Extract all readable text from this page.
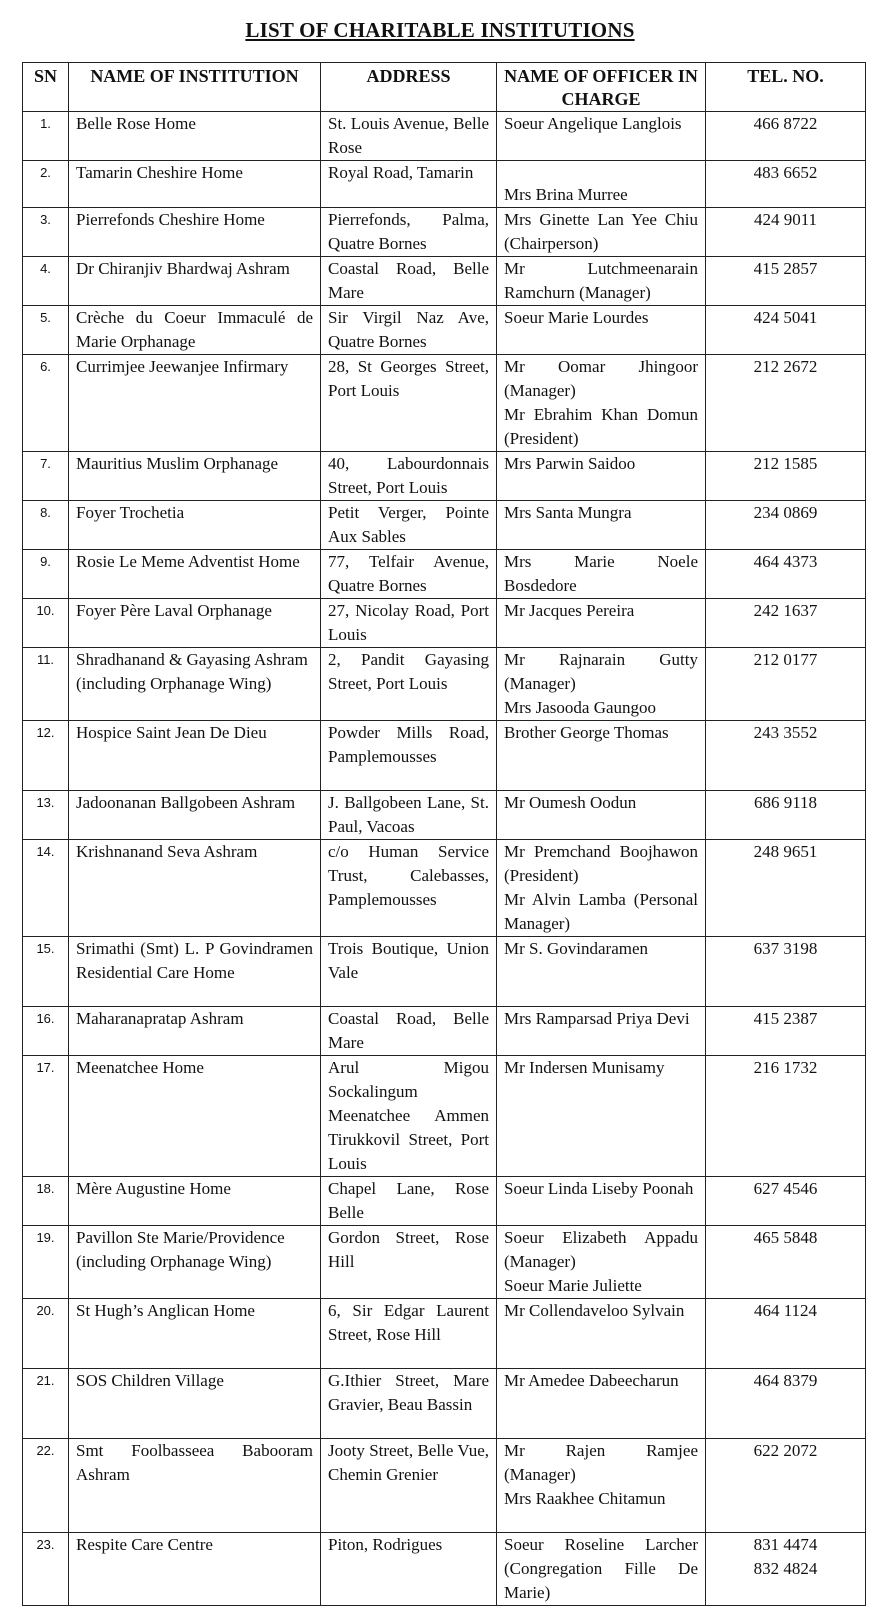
LIST OF CHARITABLE INSTITUTIONS
SN	NAME OF INSTITUTION	ADDRESS	NAME OF OFFICER IN CHARGE	TEL. NO.
1.	Belle Rose Home	St. Louis Avenue, Belle Rose	Soeur Angelique Langlois	466 8722
2.	Tamarin Cheshire Home	Royal Road, Tamarin	Mrs Brina Murree	483 6652
3.	Pierrefonds Cheshire Home	Pierrefonds, Palma, Quatre Bornes	Mrs Ginette Lan Yee Chiu (Chairperson)	424 9011
4.	Dr Chiranjiv Bhardwaj Ashram	Coastal Road, Belle Mare	Mr Lutchmeenarain Ramchurn (Manager)	415 2857
5.	Crèche du Coeur Immaculé de Marie Orphanage	Sir Virgil Naz Ave, Quatre Bornes	Soeur Marie Lourdes	424 5041
6.	Currimjee Jeewanjee Infirmary	28, St Georges Street, Port Louis	Mr Oomar Jhingoor (Manager)
Mr Ebrahim Khan Domun (President)	212 2672
7.	Mauritius Muslim Orphanage	40, Labourdonnais Street, Port Louis	Mrs Parwin Saidoo	212 1585
8.	Foyer Trochetia	Petit Verger, Pointe Aux Sables	Mrs Santa Mungra	234 0869
9.	Rosie Le Meme Adventist Home	77, Telfair Avenue, Quatre Bornes	Mrs Marie Noele Bosdedore	464 4373
10.	Foyer Père Laval Orphanage	27, Nicolay Road, Port Louis	Mr Jacques Pereira	242 1637
11.	Shradhanand & Gayasing Ashram
(including Orphanage Wing)	2, Pandit Gayasing Street, Port Louis	Mr Rajnarain Gutty (Manager)
Mrs Jasooda Gaungoo	212 0177
12.	Hospice Saint Jean De Dieu	Powder Mills Road, Pamplemousses	Brother George Thomas	243 3552
13.	Jadoonanan Ballgobeen Ashram	J. Ballgobeen Lane, St. Paul, Vacoas	Mr Oumesh Oodun	686 9118
14.	Krishnanand Seva Ashram	c/o Human Service Trust, Calebasses, Pamplemousses	Mr Premchand Boojhawon (President)
Mr Alvin Lamba (Personal Manager)	248 9651
15.	Srimathi (Smt) L. P Govindramen Residential Care Home	Trois Boutique, Union Vale	Mr S. Govindaramen	637 3198
16.	Maharanapratap Ashram	Coastal Road, Belle Mare	Mrs Ramparsad Priya Devi	415 2387
17.	Meenatchee Home	Arul Migou Sockalingum Meenatchee Ammen Tirukkovil Street, Port Louis	Mr Indersen Munisamy	216 1732
18.	Mère Augustine Home	Chapel Lane, Rose Belle	Soeur Linda Liseby Poonah	627 4546
19.	Pavillon Ste Marie/Providence
(including Orphanage Wing)	Gordon Street, Rose Hill	Soeur Elizabeth Appadu (Manager)
Soeur Marie Juliette	465 5848
20.	St Hugh’s Anglican Home	6, Sir Edgar Laurent Street, Rose Hill	Mr Collendaveloo Sylvain	464 1124
21.	SOS Children Village	G.Ithier Street, Mare Gravier, Beau Bassin	Mr Amedee Dabeecharun	464 8379
22.	Smt Foolbasseea Babooram Ashram	Jooty Street, Belle Vue, Chemin Grenier	Mr Rajen Ramjee (Manager)
Mrs Raakhee Chitamun	622 2072
23.	Respite Care Centre	Piton, Rodrigues	Soeur Roseline Larcher (Congregation Fille De Marie)	831 4474
832 4824
